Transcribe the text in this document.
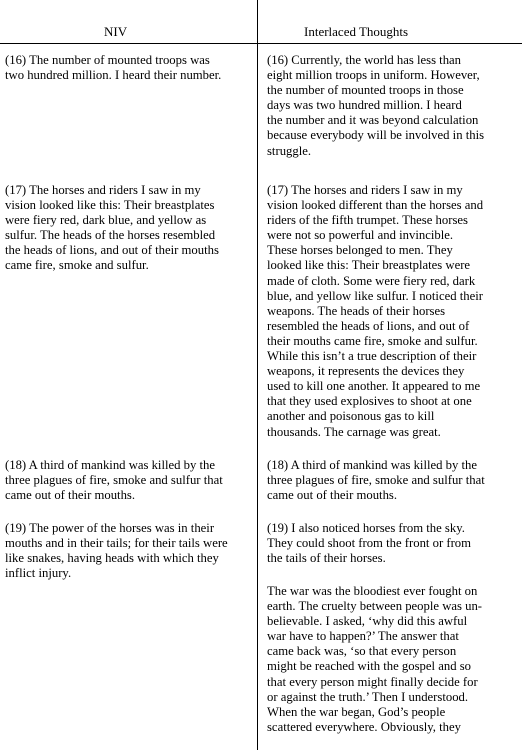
NIV	Interlaced Thoughts
(16) The number of mounted troops was
two hundred million. I heard their number.
(17) The horses and riders I saw in my
vision looked like this: Their breastplates
were fiery red, dark blue, and yellow as
sulfur. The heads of the horses resembled
the heads of lions, and out of their mouths
came fire, smoke and sulfur.
(18) A third of mankind was killed by the
three plagues of fire, smoke and sulfur that
came out of their mouths.
(19) The power of the horses was in their
mouths and in their tails; for their tails were
like snakes, having heads with which they
inflict injury.
(16) Currently, the world has less than
eight million troops in uniform. However,
the number of mounted troops in those
days was two hundred million. I heard
the number and it was beyond calculation
because everybody will be involved in this
struggle.
(17) The horses and riders I saw in my
vision looked different than the horses and
riders of the fifth trumpet. These horses
were not so powerful and invincible.
These horses belonged to men. They
looked like this: Their breastplates were
made of cloth. Some were fiery red, dark
blue, and yellow like sulfur. I noticed their
weapons. The heads of their horses
resembled the heads of lions, and out of
their mouths came fire, smoke and sulfur.
While this isn’t a true description of their
weapons, it represents the devices they
used to kill one another. It appeared to me
that they used explosives to shoot at one
another and poisonous gas to kill
thousands. The carnage was great.
(18) A third of mankind was killed by the
three plagues of fire, smoke and sulfur that
came out of their mouths.
(19) I also noticed horses from the sky.
They could shoot from the front or from
the tails of their horses.
The war was the bloodiest ever fought on
earth. The cruelty between people was un-
believable. I asked, ‘why did this awful
war have to happen?’ The answer that
came back was, ‘so that every person
might be reached with the gospel and so
that every person might finally decide for
or against the truth.’ Then I understood.
When the war began, God’s people
scattered everywhere. Obviously, they
